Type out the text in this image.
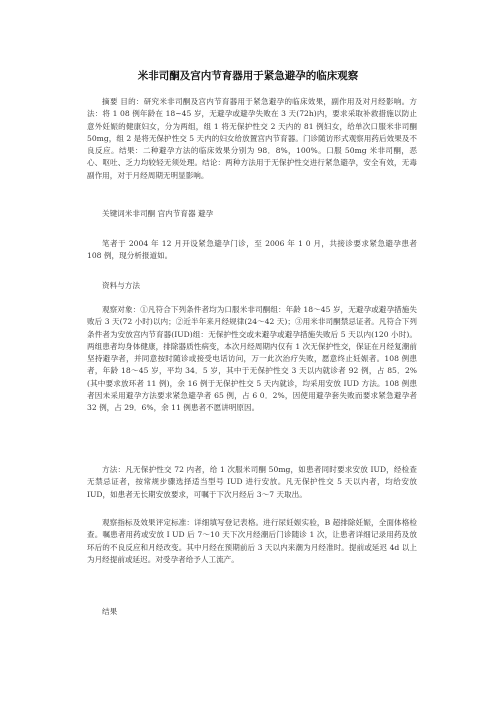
米非司酮及宫内节育器用于紧急避孕的临床观察

摘要 目的：研究米非司酮及宫内节育器用于紧急避孕的临床效果，副作用及对月经影响。方法：将 1 08 例年龄在 18~45 岁，无避孕或避孕失败在 3 天(72h)内，要求采取补救措施以防止意外妊娠的健康妇女，分为两组，组 1 将无保护性交 2 天内的 81 例妇女，给单次口服米非司酮 50mg，组 2 是将无保护性交 5 天内的妇女给放置宫内节育器。门诊随访形式观察用药后效果及不良反应。结果：二种避孕方法的临床效果分别为 98．8%，100%。口服 50mg 米非司酮，恶心、呕吐、乏力均较轻无须处理。结论：两种方法用于无保护性交进行紧急避孕，安全有效，无毒副作用，对于月经周期无明显影响。

关键词米非司酮 宫内节育器 避孕

笔者于 2004 年 12 月开设紧急避孕门诊，至 2006 年 1 0 月，共接诊要求紧急避孕患者 108 例，现分析报道如。

资料与方法

观察对象：①凡符合下列条件者均为口服米非司酮组：年龄 18～45 岁，无避孕或避孕措施失败后 3 天(72 小时)以内；②近半年来月经规律(24～42 天)；③用米非司酮禁忌证者。凡符合下列条件者为安放宫内节育器(IUD)组：无保护性交或未避孕或避孕措施失败后 5 天以内(120 小时)。两组患者均身体健康，排除器质性病变，本次月经周期内仅有 1 次无保护性交，保证在月经复潮前坚持避孕者，并同意按时随诊或接受电话访问，万一此次治疗失败，愿意终止妊娠者。108 例患者，年龄 18～45 岁，平均 34．5 岁，其中于无保护性交 3 天以内就诊者 92 例，占 85．2%(其中要求放环者 11 例)，余 16 例于无保护性交 5 天内就诊，均采用安放 IUD 方法。108 例患者因未采用避孕方法要求紧急避孕者 65 例，占 6 0．2%，因使用避孕套失败而要求紧急避孕者 32 例，占 29．6%，余 11 例患者不愿讲明原因。

方法：凡无保护性交 72 内者，给 1 次服米司酮 50mg，如患者同时要求安放 IUD，经检查无禁忌证者，按常规步骤选择适当型号 IUD 进行安放。凡无保护性交 5 天以内者，均给安放 IUD，如患者无长期安放要求，可嘱于下次月经后 3～7 天取出。

观察指标及效果评定标准：详细填写登记表格。进行尿妊娠实验，B 超排除妊娠，全面体格检查。嘱患者用药或安放 I UD 后 7～10 天下次月经潮后门诊随诊 1 次，让患者详细记录用药及放环后的不良反应和月经改变。其中月经在预期前后 3 天以内来潮为月经准时。提前或延迟 4d 以上为月经提前或延迟。对受孕者给予人工流产。

结果
